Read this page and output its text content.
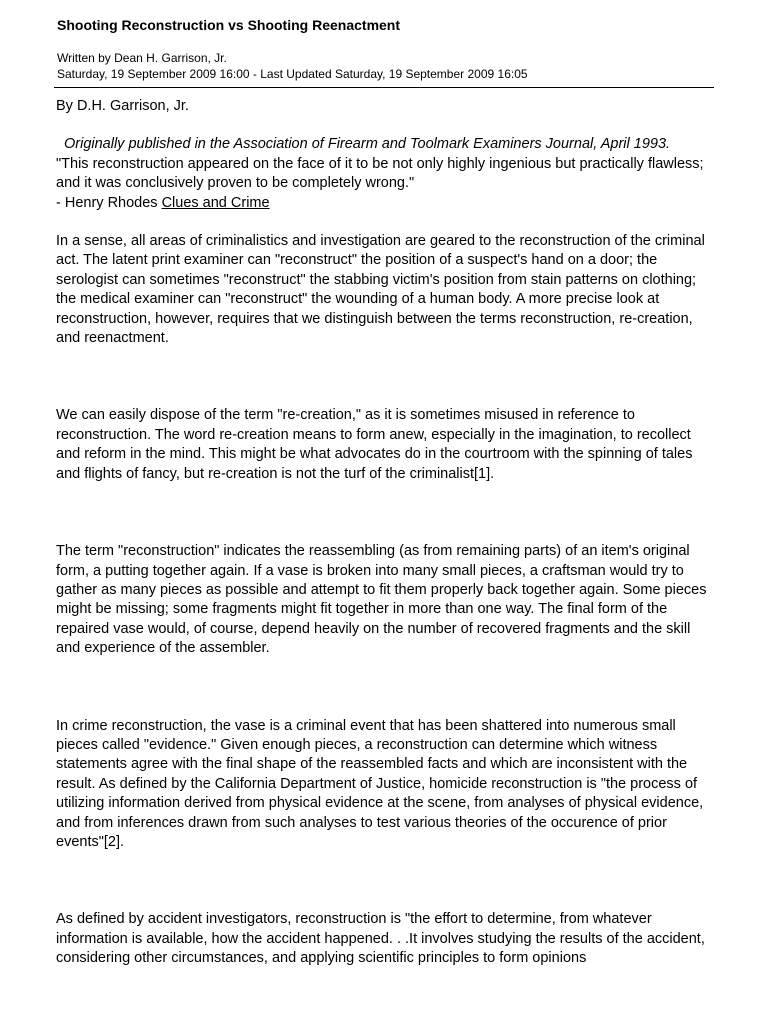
Shooting Reconstruction vs Shooting Reenactment
Written by Dean H. Garrison, Jr.
Saturday, 19 September 2009 16:00 - Last Updated Saturday, 19 September 2009 16:05

By D.H. Garrison, Jr.

Originally published in the Association of Firearm and Toolmark Examiners Journal, April 1993.

"This reconstruction appeared on the face of it to be not only highly ingenious but practically flawless; and it was conclusively proven to be completely wrong."

- Henry Rhodes Clues and Crime

In a sense, all areas of criminalistics and investigation are geared to the reconstruction of the criminal act. The latent print examiner can "reconstruct" the position of a suspect's hand on a door; the serologist can sometimes "reconstruct" the stabbing victim's position from stain patterns on clothing; the medical examiner can "reconstruct" the wounding of a human body. A more precise look at reconstruction, however, requires that we distinguish between the terms reconstruction, re-creation, and reenactment.

We can easily dispose of the term "re-creation," as it is sometimes misused in reference to reconstruction. The word re-creation means to form anew, especially in the imagination, to recollect and reform in the mind. This might be what advocates do in the courtroom with the spinning of tales and flights of fancy, but re-creation is not the turf of the criminalist[1].

The term "reconstruction" indicates the reassembling (as from remaining parts) of an item's original form, a putting together again. If a vase is broken into many small pieces, a craftsman would try to gather as many pieces as possible and attempt to fit them properly back together again. Some pieces might be missing; some fragments might fit together in more than one way. The final form of the repaired vase would, of course, depend heavily on the number of recovered fragments and the skill and experience of the assembler.

In crime reconstruction, the vase is a criminal event that has been shattered into numerous small pieces called "evidence." Given enough pieces, a reconstruction can determine which witness statements agree with the final shape of the reassembled facts and which are inconsistent with the result. As defined by the California Department of Justice, homicide reconstruction is "the process of utilizing information derived from physical evidence at the scene, from analyses of physical evidence, and from inferences drawn from such analyses to test various theories of the occurence of prior events"[2].

As defined by accident investigators, reconstruction is "the effort to determine, from whatever information is available, how the accident happened. . .It involves studying the results of the accident, considering other circumstances, and applying scientific principles to form opinions
